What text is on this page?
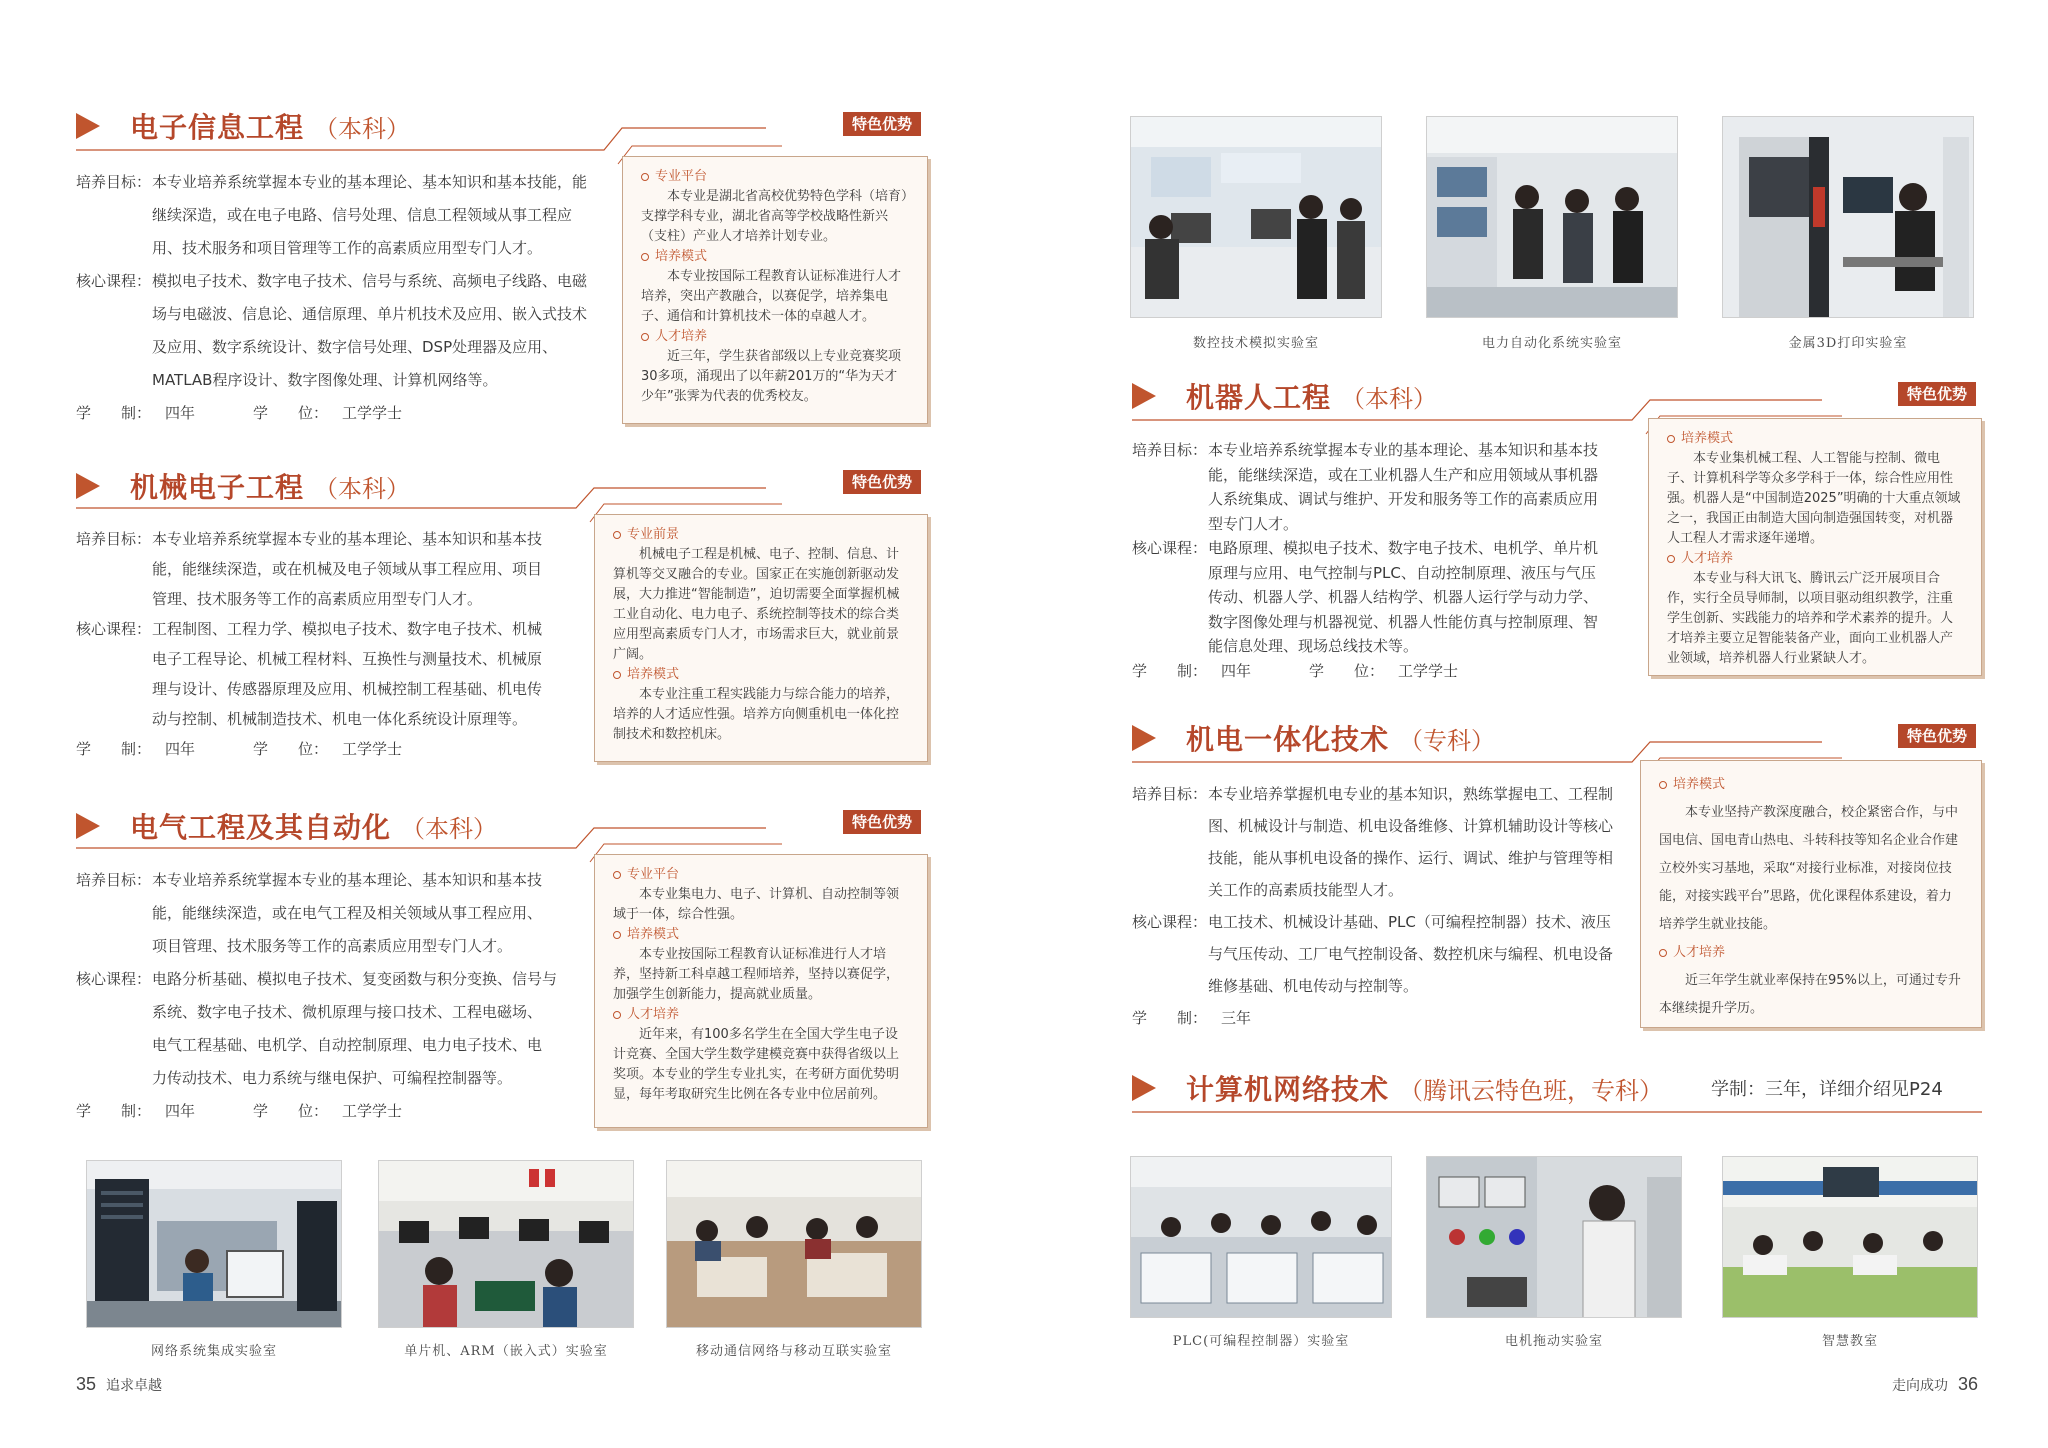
电子信息工程 （本科）
培养目标： 本专业培养系统掌握本专业的基本理论、基本知识和基本技能，能
继续深造，或在电子电路、信号处理、信息工程领域从事工程应
用、技术服务和项目管理等工作的高素质应用型专门人才。
核心课程： 模拟电子技术、数字电子技术、信号与系统、高频电子线路、电磁
场与电磁波、信息论、通信原理、单片机技术及应用、嵌入式技术
及应用、数字系统设计、数字信号处理、DSP处理器及应用、
MATLAB程序设计、数字图像处理、计算机网络等。
学　　制： 四年	学　　位： 工学学士
特色优势
专业平台

本专业是湖北省高校优势特色学科（培育）支撑学科专业，湖北省高等学校战略性新兴（支柱）产业人才培养计划专业。

培养模式

本专业按国际工程教育认证标准进行人才培养，突出产教融合，以赛促学，培养集电子、通信和计算机技术一体的卓越人才。

人才培养

近三年，学生获省部级以上专业竞赛奖项30多项，涌现出了以年薪201万的“华为天才少年”张霁为代表的优秀校友。

机械电子工程 （本科）
培养目标： 本专业培养系统掌握本专业的基本理论、基本知识和基本技
能，能继续深造，或在机械及电子领域从事工程应用、项目
管理、技术服务等工作的高素质应用型专门人才。
核心课程： 工程制图、工程力学、模拟电子技术、数字电子技术、机械
电子工程导论、机械工程材料、互换性与测量技术、机械原
理与设计、传感器原理及应用、机械控制工程基础、机电传
动与控制、机械制造技术、机电一体化系统设计原理等。
学　　制： 四年	学　　位： 工学学士
特色优势
专业前景

机械电子工程是机械、电子、控制、信息、计算机等交叉融合的专业。国家正在实施创新驱动发展，大力推进“智能制造”，迫切需要全面掌握机械工业自动化、电力电子、系统控制等技术的综合类应用型高素质专门人才，市场需求巨大，就业前景广阔。

培养模式

本专业注重工程实践能力与综合能力的培养，培养的人才适应性强。培养方向侧重机电一体化控制技术和数控机床。

电气工程及其自动化 （本科）
培养目标： 本专业培养系统掌握本专业的基本理论、基本知识和基本技
能，能继续深造，或在电气工程及相关领域从事工程应用、
项目管理、技术服务等工作的高素质应用型专门人才。
核心课程： 电路分析基础、模拟电子技术、复变函数与积分变换、信号与
系统、数字电子技术、微机原理与接口技术、工程电磁场、
电气工程基础、电机学、自动控制原理、电力电子技术、电
力传动技术、电力系统与继电保护、可编程控制器等。
学　　制： 四年	学　　位： 工学学士
特色优势
专业平台

本专业集电力、电子、计算机、自动控制等领域于一体，综合性强。

培养模式

本专业按国际工程教育认证标准进行人才培养，坚持新工科卓越工程师培养，坚持以赛促学，加强学生创新能力，提高就业质量。

人才培养

近年来，有100多名学生在全国大学生电子设计竞赛、全国大学生数学建模竞赛中获得省级以上奖项。本专业的学生专业扎实，在考研方面优势明显，每年考取研究生比例在各专业中位居前列。

网络系统集成实验室	单片机、ARM（嵌入式）实验室	移动通信网络与移动互联实验室
35 追求卓越
数控技术模拟实验室	电力自动化系统实验室	金属3D打印实验室
机器人工程 （本科）
培养目标： 本专业培养系统掌握本专业的基本理论、基本知识和基本技
能，能继续深造，或在工业机器人生产和应用领域从事机器
人系统集成、调试与维护、开发和服务等工作的高素质应用
型专门人才。
核心课程： 电路原理、模拟电子技术、数字电子技术、电机学、单片机
原理与应用、电气控制与PLC、自动控制原理、液压与气压
传动、机器人学、机器人结构学、机器人运行学与动力学、
数字图像处理与机器视觉、机器人性能仿真与控制原理、智
能信息处理、现场总线技术等。
学　　制： 四年	学　　位： 工学学士
特色优势
培养模式

本专业集机械工程、人工智能与控制、微电子、计算机科学等众多学科于一体，综合性应用性强。机器人是“中国制造2025”明确的十大重点领域之一，我国正由制造大国向制造强国转变，对机器人工程人才需求逐年递增。

人才培养

本专业与科大讯飞、腾讯云广泛开展项目合作，实行全员导师制，以项目驱动组织教学，注重学生创新、实践能力的培养和学术素养的提升。人才培养主要立足智能装备产业，面向工业机器人产业领域，培养机器人行业紧缺人才。

机电一体化技术 （专科）
培养目标： 本专业培养掌握机电专业的基本知识，熟练掌握电工、工程制
图、机械设计与制造、机电设备维修、计算机辅助设计等核心
技能，能从事机电设备的操作、运行、调试、维护与管理等相
关工作的高素质技能型人才。
核心课程： 电工技术、机械设计基础、PLC（可编程控制器）技术、液压
与气压传动、工厂电气控制设备、数控机床与编程、机电设备
维修基础、机电传动与控制等。
学　　制： 三年
特色优势
培养模式

本专业坚持产教深度融合，校企紧密合作，与中国电信、国电青山热电、斗转科技等知名企业合作建立校外实习基地，采取“对接行业标准，对接岗位技能，对接实践平台”思路，优化课程体系建设，着力培养学生就业技能。

人才培养

近三年学生就业率保持在95%以上，可通过专升本继续提升学历。

计算机网络技术 （腾讯云特色班，专科）	学制：三年，详细介绍见P24
PLC(可编程控制器）实验室	电机拖动实验室	智慧教室
走向成功 36
